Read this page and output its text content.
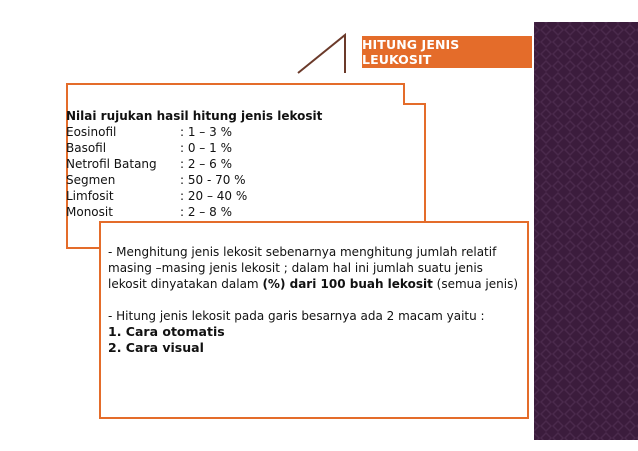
HITUNG JENIS LEUKOSIT
Nilai rujukan hasil hitung jenis lekosit
Eosinofil	: 1 – 3 %
Basofil	: 0 – 1 %
Netrofil Batang	: 2 – 6 %
Segmen	: 50 - 70 %
Limfosit	: 20 – 40 %
Monosit	: 2 – 8 %

- Menghitung jenis lekosit sebenarnya menghitung jumlah relatif

masing –masing jenis lekosit ; dalam hal ini jumlah suatu jenis

lekosit dinyatakan dalam (%) dari 100 buah lekosit (semua jenis)

- Hitung jenis lekosit pada garis besarnya ada 2 macam yaitu :

1. Cara otomatis

2. Cara visual
